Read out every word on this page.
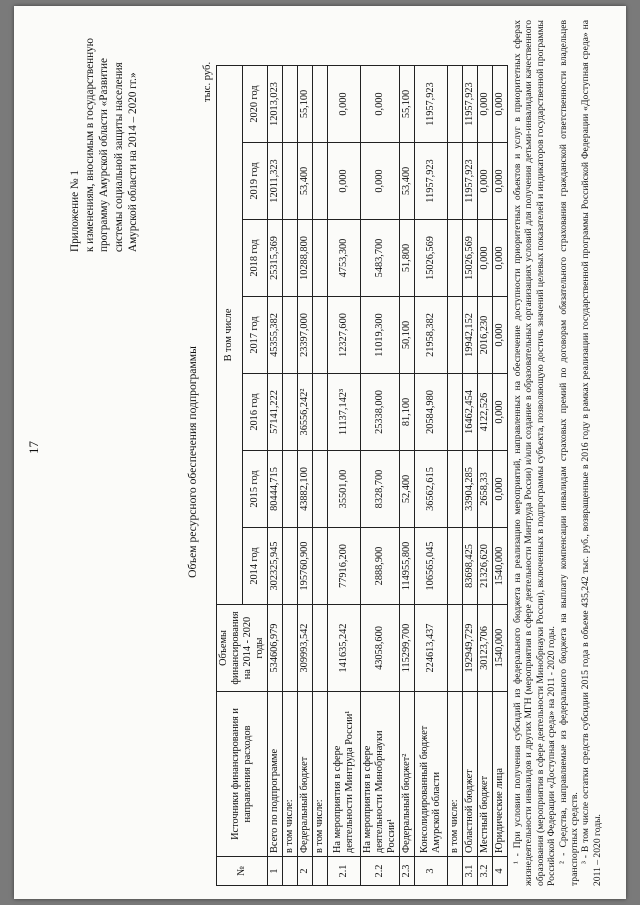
17
Приложение № 1 к изменениям, вносимым в государственную программу Амурской области «Развитие системы социальной защиты населения Амурской области на 2014 – 2020 гг.»
Объем ресурсного обеспечения подпрограммы
тыс. руб.
№	Источники финансирования и направления расходов	Объемы финансирования на 2014 - 2020 годы	В том числе						
			2014 год	2015 год	2016 год	2017 год	2018 год	2019 год	2020 год
1	Всего по подпрограмме	534606,979	302325,945	80444,715	57141,222	45355,382	25315,369	12011,323	12013,023
	в том числе:								
2	Федеральный бюджет	309993,542	195760,900	43882,100	36556,242²	23397,000	10288,800	53,400	55,100
	в том числе:								
2.1	На мероприятия в сфере деятельности Минтруда России¹	141635,242	77916,200	35501,00	11137,142³	12327,600	4753,300	0,000	0,000
2.2	На мероприятия в сфере деятельности Минобрнауки России¹	43058,600	2888,900	8328,700	25338,000	11019,300	5483,700	0,000	0,000
2.3	Федеральный бюджет²	115299,700	114955,800	52,400	81,100	50,100	51,800	53,400	55,100
3	Консолидированный бюджет Амурской области	224613,437	106565,045	36562,615	20584,980	21958,382	15026,569	11957,923	11957,923
	в том числе:								
3.1	Областной бюджет	192949,729	83698,425	33904,285	16462,454	19942,152	15026,569	11957,923	11957,923
3.2	Местный бюджет	30123,706	21326,620	2658,33	4122,526	2016,230	0,000	0,000	0,000
4	Юридические лица	1540,000	1540,000	0,000	0,000	0,000	0,000	0,000	0,000 ¹ - При условии получения субсидий из федерального бюджета на реализацию мероприятий, направленных на обеспечение доступности приоритетных объектов и услуг в приоритетных сферах жизнедеятельности инвалидов и других МГН (мероприятия в сфере деятельности Минтруда России) и/или создание в образовательных организациях условий для получения детьми-инвалидами качественного образования (мероприятия в сфере деятельности Минобрнауки России), включенных в подпрограммы субъекта, позволяющую достичь значений целевых показателей и индикаторов государственной программы Российской Федерации «Доступная среда» на 2011 - 2020 годы. ² - Средства, направляемые из федерального бюджета на выплату компенсации инвалидам страховых премий по договорам обязательного страхования гражданской ответственности владельцев транспортных средств. ³ - В том числе остатки средств субсидии 2015 года в объеме 435,242 тыс. руб., возвращенные в 2016 году в рамках реализации государственной программы Российской Федерации «Доступная среда» на 2011 – 2020 годы.
